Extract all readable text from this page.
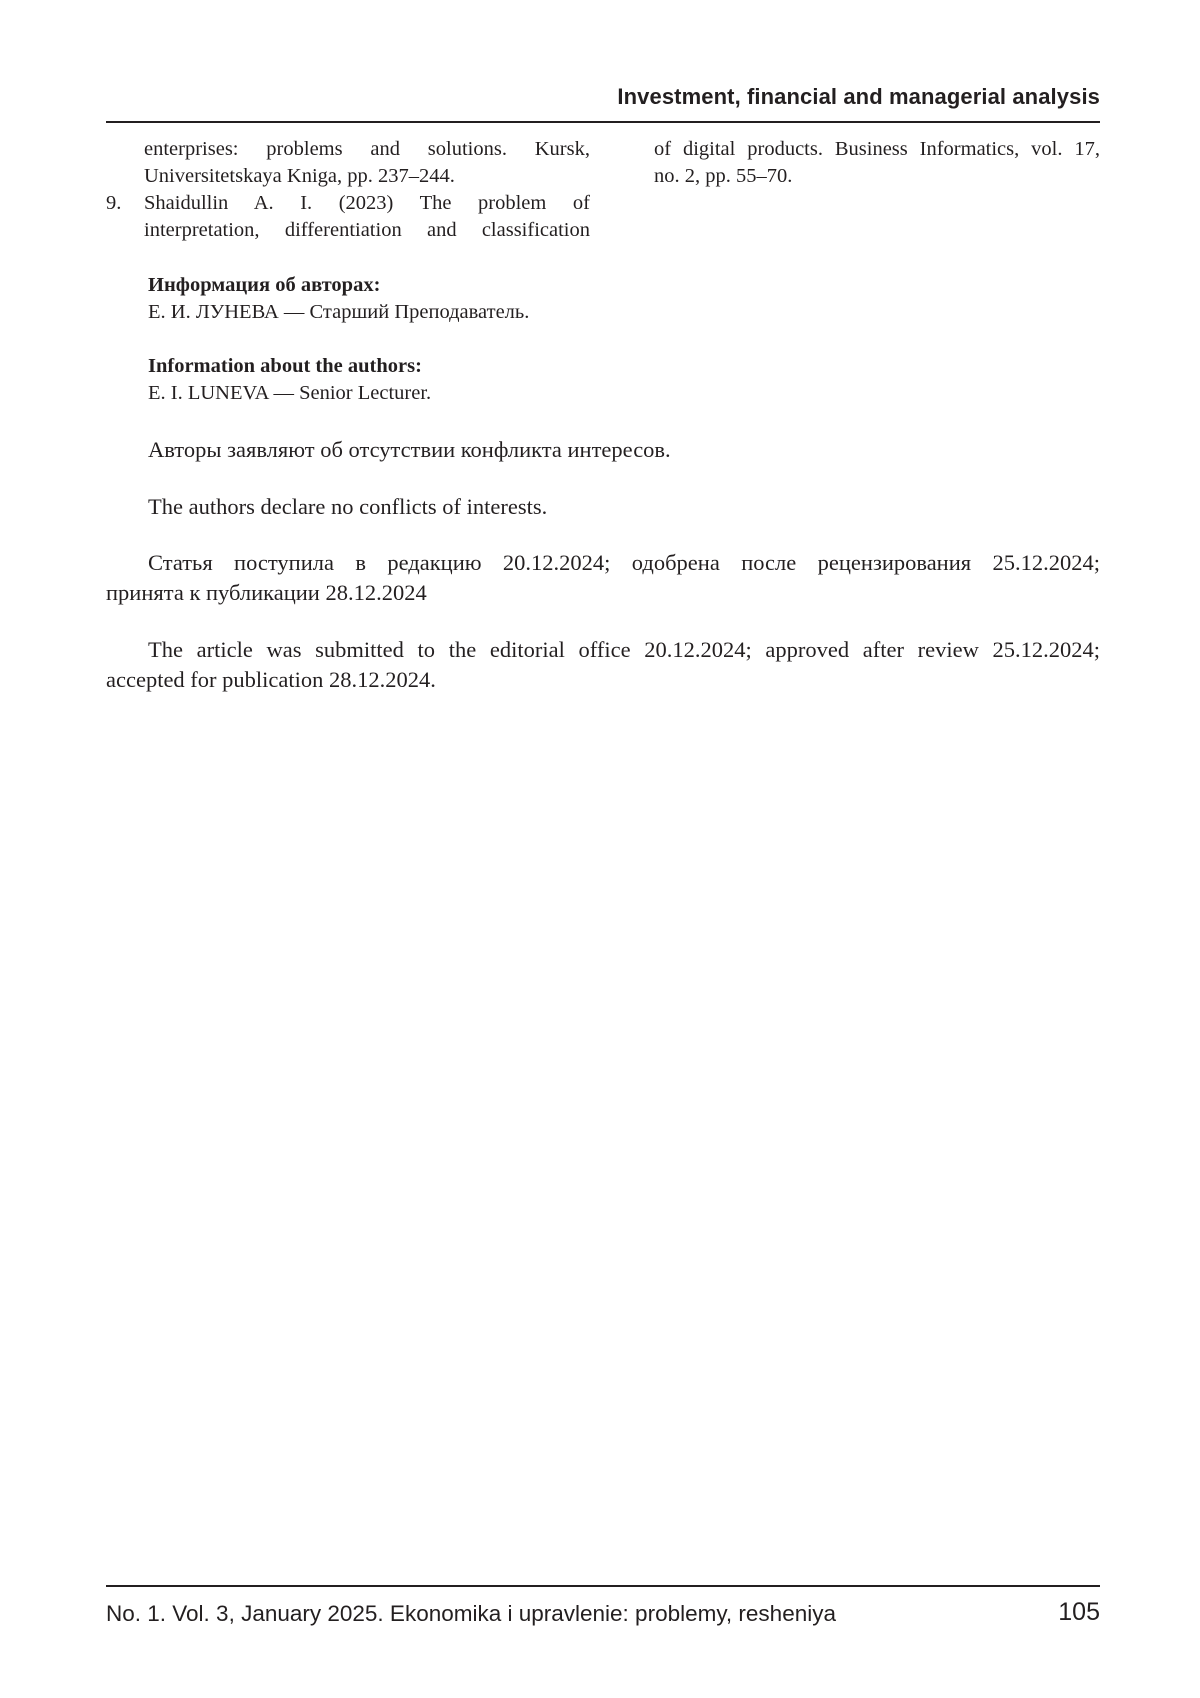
Investment, financial and managerial analysis
enterprises: problems and solutions. Kursk,
Universitetskaya Kniga, pp. 237–244.
9.	Shaidullin A. I. (2023) The problem of
interpretation, differentiation and classification
of digital products. Business Informatics, vol. 17,
no. 2, pp. 55–70.
Информация об авторах:
Е. И. ЛУНЕВА — Старший Преподаватель.
Information about the authors:
E. I. LUNEVA — Senior Lecturer.
Авторы заявляют об отсутствии конфликта интересов.
The authors declare no conflicts of interests.
Статья поступила в редакцию 20.12.2024; одобрена после рецензирования 25.12.2024;
принята к публикации 28.12.2024
The article was submitted to the editorial office 20.12.2024; approved after review 25.12.2024;
accepted for publication 28.12.2024.
No. 1. Vol. 3, January 2025. Ekonomika i upravlenie: problemy, resheniya	105
